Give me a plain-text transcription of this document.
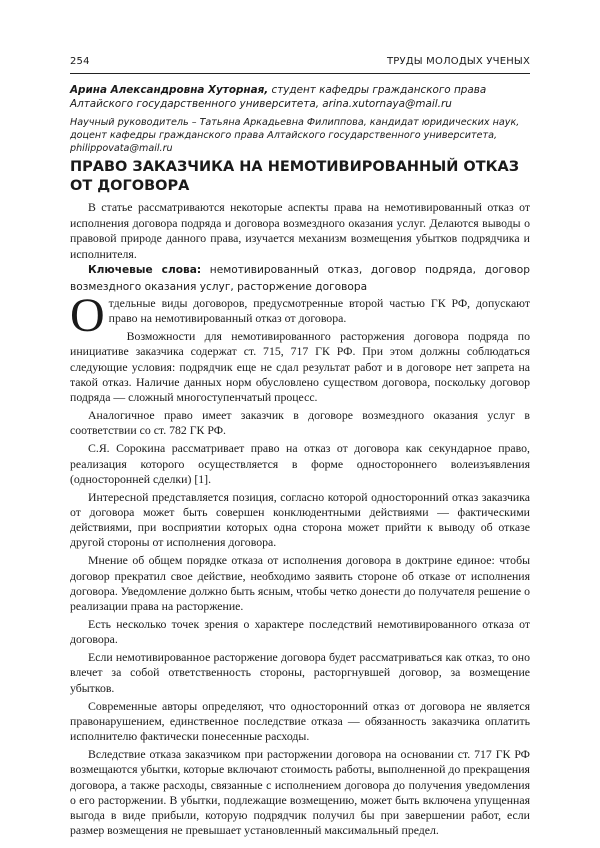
254	ТРУДЫ МОЛОДЫХ УЧЕНЫХ

Арина Александровна Хуторная, студент кафедры гражданского права Алтайского государственного университета, arina.xutornaya@mail.ru

Научный руководитель – Татьяна Аркадьевна Филиппова, кандидат юридических наук, доцент кафедры гражданского права Алтайского государственного университета, philippovata@mail.ru

ПРАВО ЗАКАЗЧИКА НА НЕМОТИВИРОВАННЫЙ ОТКАЗ ОТ ДОГОВОРА

В статье рассматриваются некоторые аспекты права на немотивированный отказ от исполнения договора подряда и договора возмездного оказания услуг. Делаются выводы о правовой природе данного права, изучается механизм возмещения убытков подрядчика и исполнителя.

Ключевые слова: немотивированный отказ, договор подряда, договор возмездного оказания услуг, расторжение договора

Отдельные виды договоров, предусмотренные второй частью ГК РФ, допускают право на немотивированный отказ от договора.

Возможности для немотивированного расторжения договора подряда по инициативе заказчика содержат ст. 715, 717 ГК РФ. При этом должны соблюдаться следующие условия: подрядчик еще не сдал результат работ и в договоре нет запрета на такой отказ. Наличие данных норм обусловлено существом договора, поскольку договор подряда — сложный многоступенчатый процесс.

Аналогичное право имеет заказчик в договоре возмездного оказания услуг в соответствии со ст. 782 ГК РФ.

С.Я. Сорокина рассматривает право на отказ от договора как секундарное право, реализация которого осуществляется в форме одностороннего волеизъявления (односторонней сделки) [1].

Интересной представляется позиция, согласно которой односторонний отказ заказчика от договора может быть совершен конклюдентными действиями — фактическими действиями, при восприятии которых одна сторона может прийти к выводу об отказе другой стороны от исполнения договора.

Мнение об общем порядке отказа от исполнения договора в доктрине единое: чтобы договор прекратил свое действие, необходимо заявить стороне об отказе от исполнения договора. Уведомление должно быть ясным, чтобы четко донести до получателя решение о реализации права на расторжение.

Есть несколько точек зрения о характере последствий немотивированного отказа от договора.

Если немотивированное расторжение договора будет рассматриваться как отказ, то оно влечет за собой ответственность стороны, расторгнувшей договор, за возмещение убытков.

Современные авторы определяют, что односторонний отказ от договора не является правонарушением, единственное последствие отказа — обязанность заказчика оплатить исполнителю фактически понесенные расходы.

Вследствие отказа заказчиком при расторжении договора на основании ст. 717 ГК РФ возмещаются убытки, которые включают стоимость работы, выполненной до прекращения договора, а также расходы, связанные с исполнением договора до получения уведомления о его расторжении. В убытки, подлежащие возмещению, может быть включена упущенная выгода в виде прибыли, которую подрядчик получил бы при завершении работ, если размер возмещения не превышает установленный максимальный предел.
